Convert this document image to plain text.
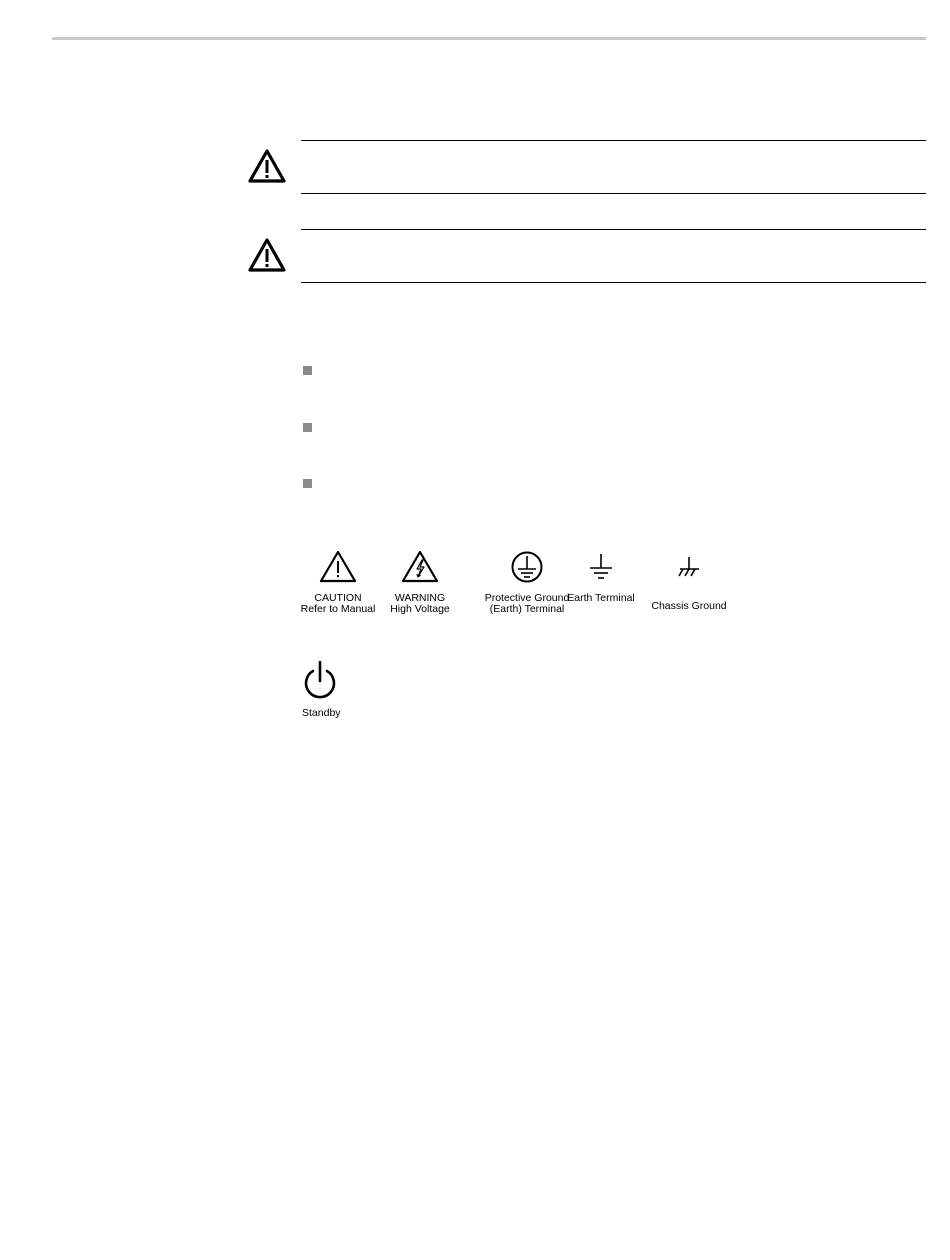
CAUTION
Refer to Manual
WARNING
High Voltage
Protective Ground
(Earth) Terminal
Earth Terminal
Chassis Ground
Standby
